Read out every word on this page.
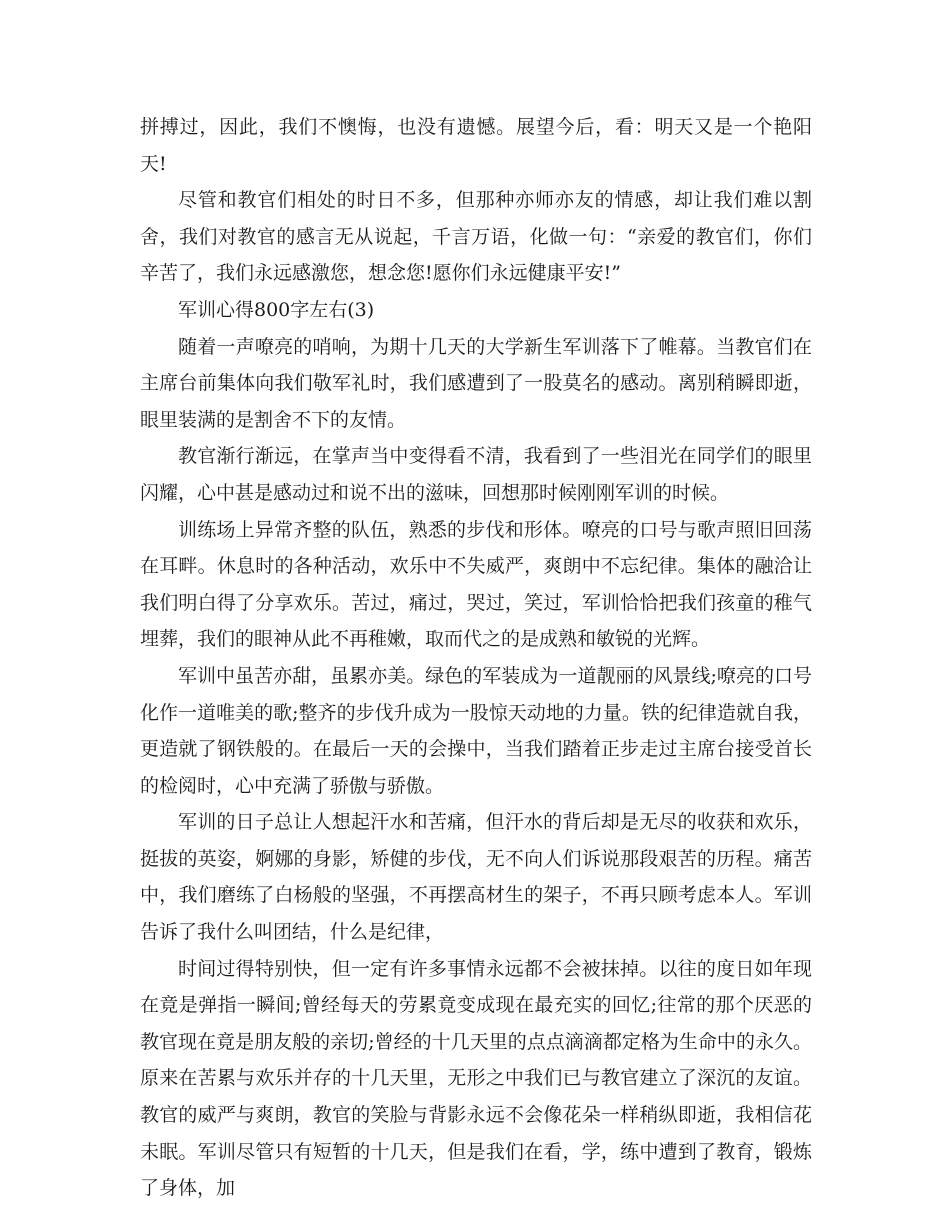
拼搏过，因此，我们不懊悔，也没有遗憾。展望今后，看：明天又是一个艳阳天!

尽管和教官们相处的时日不多，但那种亦师亦友的情感，却让我们难以割舍，我们对教官的感言无从说起，千言万语，化做一句：“亲爱的教官们，你们辛苦了，我们永远感激您，想念您!愿你们永远健康平安!”

军训心得800字左右(3)

随着一声嘹亮的哨响，为期十几天的大学新生军训落下了帷幕。当教官们在主席台前集体向我们敬军礼时，我们感遭到了一股莫名的感动。离别稍瞬即逝，眼里装满的是割舍不下的友情。

教官渐行渐远，在掌声当中变得看不清，我看到了一些泪光在同学们的眼里闪耀，心中甚是感动过和说不出的滋味，回想那时候刚刚军训的时候。

训练场上异常齐整的队伍，熟悉的步伐和形体。嘹亮的口号与歌声照旧回荡在耳畔。休息时的各种活动，欢乐中不失威严，爽朗中不忘纪律。集体的融洽让我们明白得了分享欢乐。苦过，痛过，哭过，笑过，军训恰恰把我们孩童的稚气埋葬，我们的眼神从此不再稚嫩，取而代之的是成熟和敏锐的光辉。

军训中虽苦亦甜，虽累亦美。绿色的军装成为一道靓丽的风景线;嘹亮的口号化作一道唯美的歌;整齐的步伐升成为一股惊天动地的力量。铁的纪律造就自我，更造就了钢铁般的。在最后一天的会操中，当我们踏着正步走过主席台接受首长的检阅时，心中充满了骄傲与骄傲。

军训的日子总让人想起汗水和苦痛，但汗水的背后却是无尽的收获和欢乐，挺拔的英姿，婀娜的身影，矫健的步伐，无不向人们诉说那段艰苦的历程。痛苦中，我们磨练了白杨般的坚强，不再摆高材生的架子，不再只顾考虑本人。军训告诉了我什么叫团结，什么是纪律，

时间过得特别快，但一定有许多事情永远都不会被抹掉。以往的度日如年现在竟是弹指一瞬间;曾经每天的劳累竟变成现在最充实的回忆;往常的那个厌恶的教官现在竟是朋友般的亲切;曾经的十几天里的点点滴滴都定格为生命中的永久。原来在苦累与欢乐并存的十几天里，无形之中我们已与教官建立了深沉的友谊。教官的威严与爽朗，教官的笑脸与背影永远不会像花朵一样稍纵即逝，我相信花未眠。军训尽管只有短暂的十几天，但是我们在看，学，练中遭到了教育，锻炼了身体，加
